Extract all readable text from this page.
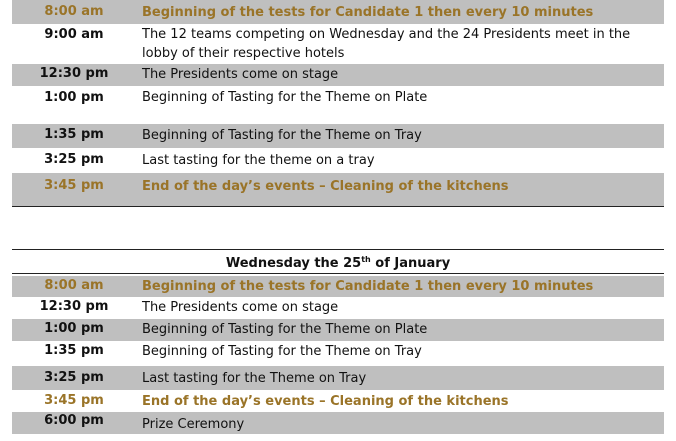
8:00 am	Beginning of the tests for Candidate 1 then every 10 minutes
9:00 am	The 12 teams competing on Wednesday and the 24 Presidents meet in the lobby of their respective hotels
12:30 pm	The Presidents come on stage
1:00 pm	Beginning of Tasting for the Theme on Plate
1:35 pm	Beginning of Tasting for the Theme on Tray
3:25 pm	Last tasting for the theme on a tray
3:45 pm	End of the day’s events – Cleaning of the kitchens
Wednesday the 25th of January
8:00 am	Beginning of the tests for Candidate 1 then every 10 minutes
12:30 pm	The Presidents come on stage
1:00 pm	Beginning of Tasting for the Theme on Plate
1:35 pm	Beginning of Tasting for the Theme on Tray
3:25 pm	Last tasting for the Theme on Tray
3:45 pm	End of the day’s events – Cleaning of the kitchens
6:00 pm	Prize Ceremony
